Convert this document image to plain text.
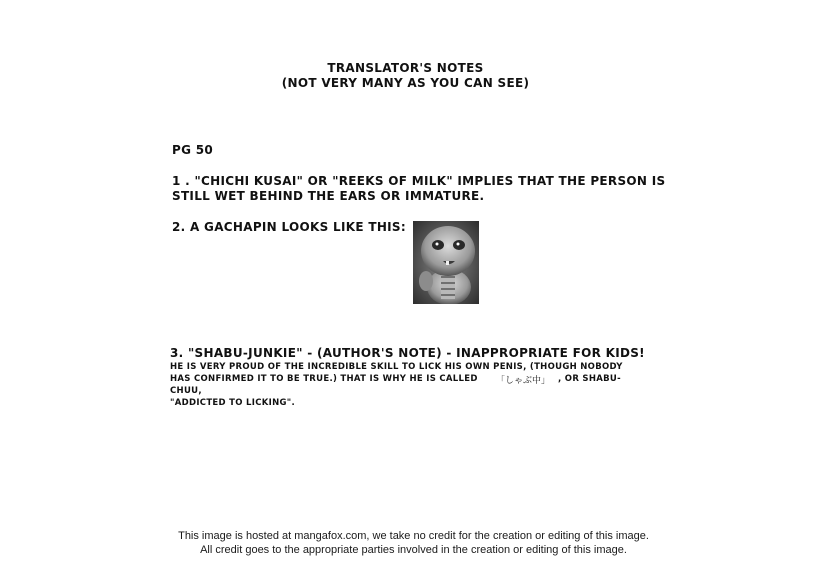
TRANSLATOR'S NOTES
(NOT VERY MANY AS YOU CAN SEE)
PG 50
1 . "CHICHI KUSAI" OR "REEKS OF MILK" IMPLIES THAT THE PERSON IS
STILL WET BEHIND THE EARS OR IMMATURE.
2. A GACHAPIN LOOKS LIKE THIS:
3. "SHABU-JUNKIE" - (AUTHOR'S NOTE) - INAPPROPRIATE FOR KIDS!
HE IS VERY PROUD OF THE INCREDIBLE SKILL TO LICK HIS OWN PENIS, (THOUGH NOBODY
HAS CONFIRMED IT TO BE TRUE.) THAT IS WHY HE IS CALLED 「しゃぶ中」 , OR SHABU-
CHUU,
"ADDICTED TO LICKING".
This image is hosted at mangafox.com, we take no credit for the creation or editing of this image.
All credit goes to the appropriate parties involved in the creation or editing of this image.
